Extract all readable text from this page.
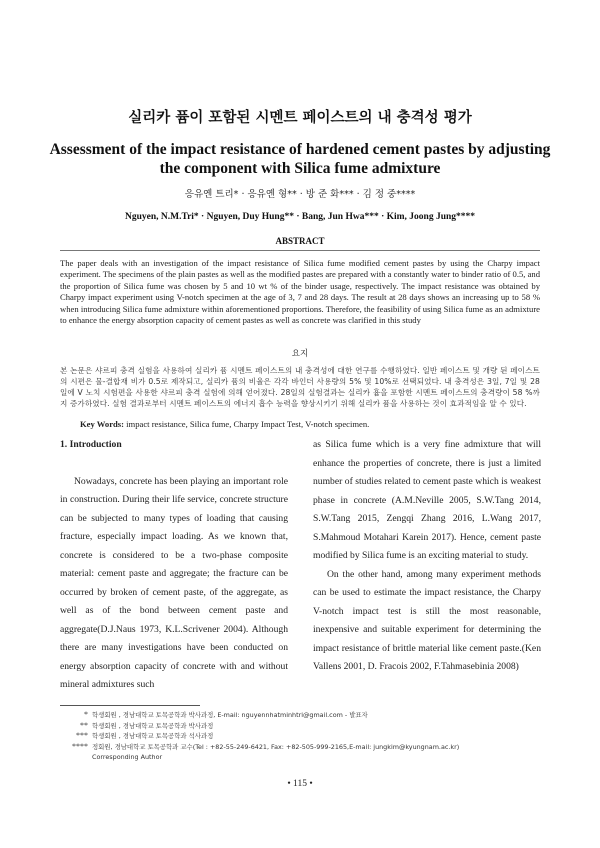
실리카 퓸이 포함된 시멘트 페이스트의 내 충격성 평가
Assessment of the impact resistance of hardened cement pastes by adjusting the component with Silica fume admixture
응유옌 트리* · 응유옌 형** · 방 준 화*** · 김 정 중****
Nguyen, N.M.Tri* · Nguyen, Duy Hung** · Bang, Jun Hwa*** · Kim, Joong Jung****
ABSTRACT

The paper deals with an investigation of the impact resistance of Silica fume modified cement pastes by using the Charpy impact experiment. The specimens of the plain pastes as well as the modified pastes are prepared with a constantly water to binder ratio of 0.5, and the proportion of Silica fume was chosen by 5 and 10 wt % of the binder usage, respectively. The impact resistance was obtained by Charpy impact experiment using V-notch specimen at the age of 3, 7 and 28 days. The result at 28 days shows an increasing up to 58 % when introducing Silica fume admixture within aforementioned proportions. Therefore, the feasibility of using Silica fume as an admixture to enhance the energy absorption capacity of cement pastes as well as concrete was clarified in this study

요지

본 논문은 샤르피 충격 실험을 사용하여 실리카 퓸 시멘트 페이스트의 내 충격성에 대한 연구를 수행하였다. 일반 페이스트 및 개량 된 페이스트의 시편은 물-결합재 비가 0.5로 제작되고, 실리카 퓸의 비율은 각각 바인더 사용량의 5% 및 10%로 선택되었다. 내 충격성은 3일, 7일 및 28일에 V 노치 시험편을 사용한 샤르피 충격 실험에 의해 얻어졌다. 28일의 실험결과는 실리카 흄을 포함한 시멘트 페이스트의 충격량이 58 %까지 증가하였다. 실험 결과로부터 시멘트 페이스트의 에너지 흡수 능력을 향상시키기 위해 실리카 퓸을 사용하는 것이 효과적임을 알 수 있다.

Key Words: impact resistance, Silica fume, Charpy Impact Test, V-notch specimen.

1. Introduction

Nowadays, concrete has been playing an important role in construction. During their life service, concrete structure can be subjected to many types of loading that causing fracture, especially impact loading. As we known that, concrete is considered to be a two-phase composite material: cement paste and aggregate; the fracture can be occurred by broken of cement paste, of the aggregate, as well as of the bond between cement paste and aggregate(D.J.Naus 1973, K.L.Scrivener 2004). Although there are many investigations have been conducted on energy absorption capacity of concrete with and without mineral admixtures such

as Silica fume which is a very fine admixture that will enhance the properties of concrete, there is just a limited number of studies related to cement paste which is weakest phase in concrete (A.M.Neville 2005, S.W.Tang 2014, S.W.Tang 2015, Zengqi Zhang 2016, L.Wang 2017, S.Mahmoud Motahari Karein 2017). Hence, cement paste modified by Silica fume is an exciting material to study.

On the other hand, among many experiment methods can be used to estimate the impact resistance, the Charpy V-notch impact test is still the most reasonable, inexpensive and suitable experiment for determining the impact resistance of brittle material like cement paste.(Ken Vallens 2001, D. Fracois 2002, F.Tahmasebinia 2008)

* 학생회원 , 경남대학교 토목공학과 박사과정, E-mail: nguyennhatminhtri@gmail.com - 발표자
** 학생회원 , 경남대학교 토목공학과 박사과정
*** 학생회원 , 경남대학교 토목공학과 석사과정
**** 정회원, 경남대학교 토목공학과 교수(Tel : +82-55-249-6421, Fax: +82-505-999-2165,E-mail: jungkim@kyungnam.ac.kr)
Corresponding Author
• 115 •
